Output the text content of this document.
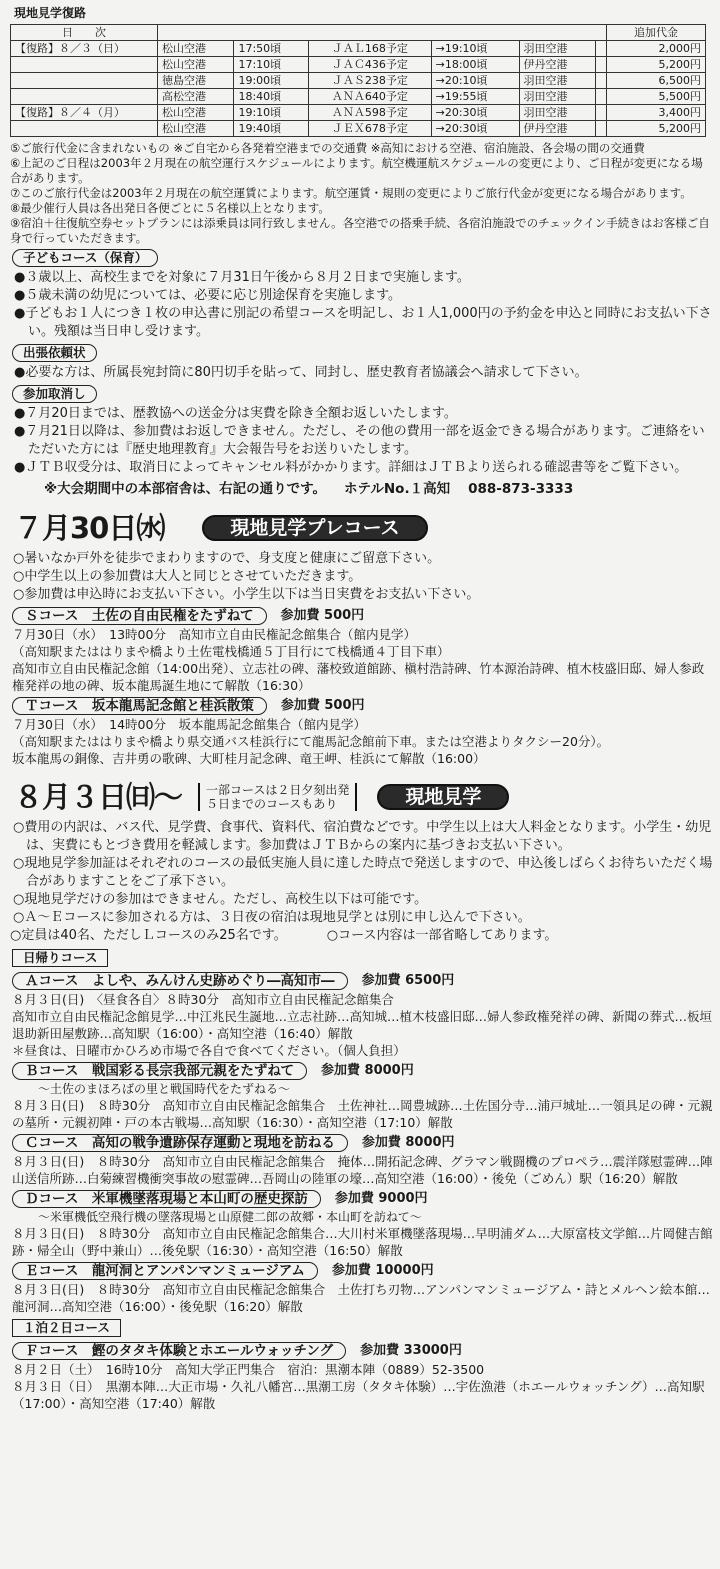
現地見学復路
日　　次							追加代金
【復路】８／３（日）	松山空港	17:50頃	ＪＡＬ168予定	→19:10頃	羽田空港		2,000円
	松山空港	17:10頃	ＪＡＣ436予定	→18:00頃	伊丹空港		5,200円
	徳島空港	19:00頃	ＪＡＳ238予定	→20:10頃	羽田空港		6,500円
	高松空港	18:40頃	ＡＮＡ640予定	→19:55頃	羽田空港		5,500円
【復路】８／４（月）	松山空港	19:10頃	ＡＮＡ598予定	→20:30頃	羽田空港		3,400円
	松山空港	19:40頃	ＪＥＸ678予定	→20:30頃	伊丹空港		5,200円

⑤ご旅行代金に含まれないもの ※ご自宅から各発着空港までの交通費 ※高知における空港、宿泊施設、各会場の間の交通費

⑥上記のご日程は2003年２月現在の航空運行スケジュールによります。航空機運航スケジュールの変更により、ご日程が変更になる場合があります。

⑦このご旅行代金は2003年２月現在の航空運賃によります。航空運賃・規則の変更によりご旅行代金が変更になる場合があります。

⑧最少催行人員は各出発日各便ごとに５名様以上となります。

⑨宿泊＋往復航空券セットプランには添乗員は同行致しません。各空港での搭乗手続、各宿泊施設でのチェックイン手続きはお客様ご自身で行っていただきます。

子どもコース（保育）

●３歳以上、高校生までを対象に７月31日午後から８月２日まで実施します。

●５歳未満の幼児については、必要に応じ別途保育を実施します。

●子どもお１人につき１枚の申込書に別記の希望コースを明記し、お１人1,000円の予約金を申込と同時にお支払い下さい。残額は当日申し受けます。

出張依頼状

●必要な方は、所属長宛封筒に80円切手を貼って、同封し、歴史教育者協議会へ請求して下さい。

参加取消し

●７月20日までは、歴教協への送金分は実費を除き全額お返しいたします。

●７月21日以降は、参加費はお返しできません。ただし、その他の費用一部を返金できる場合があります。ご連絡をいただいた方には『歴史地理教育』大会報告号をお送りいたします。

●ＪＴＢ収受分は、取消日によってキャンセル料がかかります。詳細はＪＴＢより送られる確認書等をご覧下さい。

※大会期間中の本部宿舎は、右記の通りです。 ホテルNo.１高知 088-873-3333
７月30日㈬	現地見学プレコース

○暑いなか戸外を徒歩でまわりますので、身支度と健康にご留意下さい。

○中学生以上の参加費は大人と同じとさせていただきます。

○参加費は申込時にお支払い下さい。小学生以下は当日実費をお支払い下さい。

Ｓコース　土佐の自由民権をたずねて	参加費 500円

７月30日（水）　13時00分　高知市立自由民権記念館集合（館内見学）

（高知駅またははりまや橋より土佐電栈橋通５丁目行にて栈橋通４丁目下車）

高知市立自由民権記念館（14:00出発）、立志社の碑、藩校致道館跡、槇村浩詩碑、竹本源治詩碑、植木枝盛旧邸、婦人参政権発祥の地の碑、坂本龍馬誕生地にて解散（16:30）

Ｔコース　坂本龍馬記念館と桂浜散策	参加費 500円

７月30日（水）　14時00分　坂本龍馬記念館集合（館内見学）

（高知駅またははりまや橋より県交通バス桂浜行にて龍馬記念館前下車。または空港よりタクシー20分）。

坂本龍馬の銅像、吉井勇の歌碑、大町桂月記念碑、竜王岬、桂浜にて解散（16:00）

８月３日㈰〜 一部コースは２日夕刻出発
５日までのコースもあり	現地見学

○費用の内訳は、バス代、見学費、食事代、資料代、宿泊費などです。中学生以上は大人料金となります。小学生・幼児は、実費にもとづき費用を軽減します。参加費はＪＴＢからの案内に基づきお支払い下さい。

○現地見学参加証はそれぞれのコースの最低実施人員に達した時点で発送しますので、申込後しばらくお待ちいただく場合がありますことをご了承下さい。

○現地見学だけの参加はできません。ただし、高校生以下は可能です。

○Ａ〜Ｅコースに参加される方は、３日夜の宿泊は現地見学とは別に申し込んで下さい。

○定員は40名、ただしＬコースのみ25名です。	○コース内容は一部省略してあります。
日帰りコース
Ａコース　よしや、みんけん史跡めぐり―高知市―	参加費 6500円

８月３日(日)　〈昼食各自〉８時30分　高知市立自由民権記念館集合

高知市立自由民権記念館見学…中江兆民生誕地…立志社跡…高知城…植木枝盛旧邸…婦人参政権発祥の碑、新聞の葬式…板垣退助新田屋敷跡…高知駅（16:00）・高知空港（16:40）解散

＊昼食は、日曜市かひろめ市場で各自で食べてください。（個人負担）

Ｂコース　戦国彩る長宗我部元親をたずねて	参加費 8000円

〜土佐のまほろばの里と戦国時代をたずねる〜

８月３日(日)　８時30分　高知市立自由民権記念館集合　土佐神社…岡豊城跡…土佐国分寺…浦戸城址…一領具足の碑・元親の墓所・元親初陣・戸の本古戦場…高知駅（16:30）・高知空港（17:10）解散

Ｃコース　高知の戦争遺跡保存運動と現地を訪ねる	参加費 8000円

８月３日(日)　８時30分　高知市立自由民権記念館集合　掩体…開拓記念碑、グラマン戦闘機のプロペラ…震洋隊慰霊碑…陣山送信所跡…白菊練習機衝突事故の慰霊碑…吾岡山の陸軍の壕…高知空港（16:00）・後免（ごめん）駅（16:20）解散

Ｄコース　米軍機墜落現場と本山町の歴史探訪	参加費 9000円

〜米軍機低空飛行機の墜落現場と山原健二郎の故郷・本山町を訪ねて〜

８月３日(日)　８時30分　高知市立自由民権記念館集合…大川村米軍機墜落現場…早明浦ダム…大原富枝文学館…片岡健吉館跡・帰全山（野中兼山）…後免駅（16:30）・高知空港（16:50）解散

Ｅコース　龍河洞とアンパンマンミュージアム	参加費 10000円

８月３日(日)　８時30分　高知市立自由民権記念館集合　土佐打ち刃物…アンパンマンミュージアム・詩とメルヘン絵本館…龍河洞…高知空港（16:00）・後免駅（16:20）解散

１泊２日コース
Ｆコース　鰹のタタキ体験とホエールウォッチング	参加費 33000円

８月２日（土）　16時10分　高知大学正門集合　宿泊：黒潮本陣（0889）52-3500

８月３日（日）　黒潮本陣…大正市場・久礼八幡宮…黒潮工房（タタキ体験）…宇佐漁港（ホエールウォッチング）…高知駅（17:00）・高知空港（17:40）解散
